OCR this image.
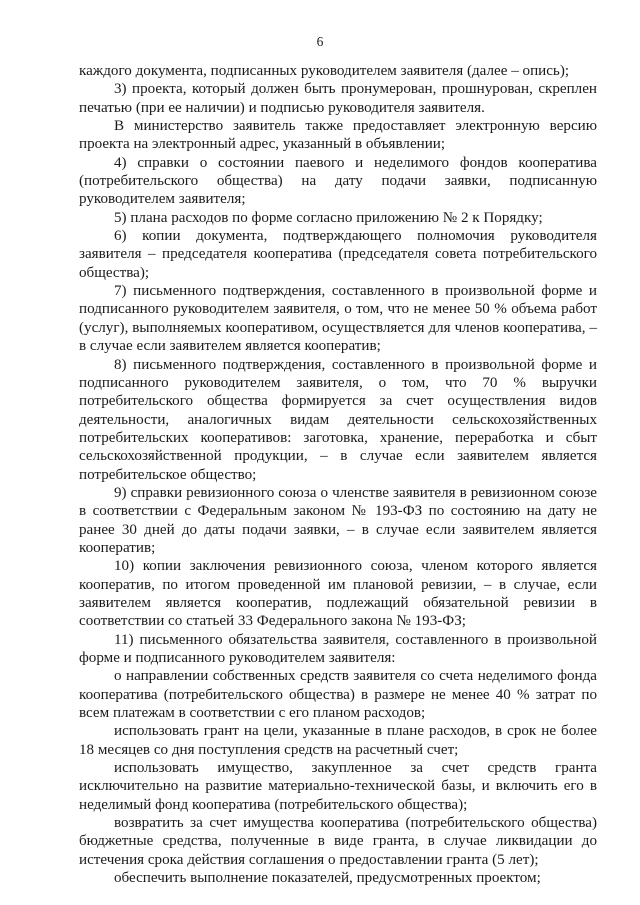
6

каждого документа, подписанных руководителем заявителя (далее – опись);

3) проекта, который должен быть пронумерован, прошнурован, скреплен печатью (при ее наличии) и подписью руководителя заявителя.

В министерство заявитель также предоставляет электронную версию проекта на электронный адрес, указанный в объявлении;

4) справки о состоянии паевого и неделимого фондов кооператива (потребительского общества) на дату подачи заявки, подписанную руководителем заявителя;

5) плана расходов по форме согласно приложению № 2 к Порядку;

6) копии документа, подтверждающего полномочия руководителя заявителя – председателя кооператива (председателя совета потребительского общества);

7) письменного подтверждения, составленного в произвольной форме и подписанного руководителем заявителя, о том, что не менее 50 % объема работ (услуг), выполняемых кооперативом, осуществляется для членов кооператива, – в случае если заявителем является кооператив;

8) письменного подтверждения, составленного в произвольной форме и подписанного руководителем заявителя, о том, что 70 % выручки потребительского общества формируется за счет осуществления видов деятельности, аналогичных видам деятельности сельскохозяйственных потребительских кооперативов: заготовка, хранение, переработка и сбыт сельскохозяйственной продукции, – в случае если заявителем является потребительское общество;

9) справки ревизионного союза о членстве заявителя в ревизионном союзе в соответствии с Федеральным законом № 193-ФЗ по состоянию на дату не ранее 30 дней до даты подачи заявки, – в случае если заявителем является кооператив;

10) копии заключения ревизионного союза, членом которого является кооператив, по итогом проведенной им плановой ревизии, – в случае, если заявителем является кооператив, подлежащий обязательной ревизии в соответствии со статьей 33 Федерального закона № 193-ФЗ;

11) письменного обязательства заявителя, составленного в произвольной форме и подписанного руководителем заявителя:

о направлении собственных средств заявителя со счета неделимого фонда кооператива (потребительского общества) в размере не менее 40 % затрат по всем платежам в соответствии с его планом расходов;

использовать грант на цели, указанные в плане расходов, в срок не более 18 месяцев со дня поступления средств на расчетный счет;

использовать имущество, закупленное за счет средств гранта исключительно на развитие материально-технической базы, и включить его в неделимый фонд кооператива (потребительского общества);

возвратить за счет имущества кооператива (потребительского общества) бюджетные средства, полученные в виде гранта, в случае ликвидации до истечения срока действия соглашения о предоставлении гранта (5 лет);

обеспечить выполнение показателей, предусмотренных проектом;
